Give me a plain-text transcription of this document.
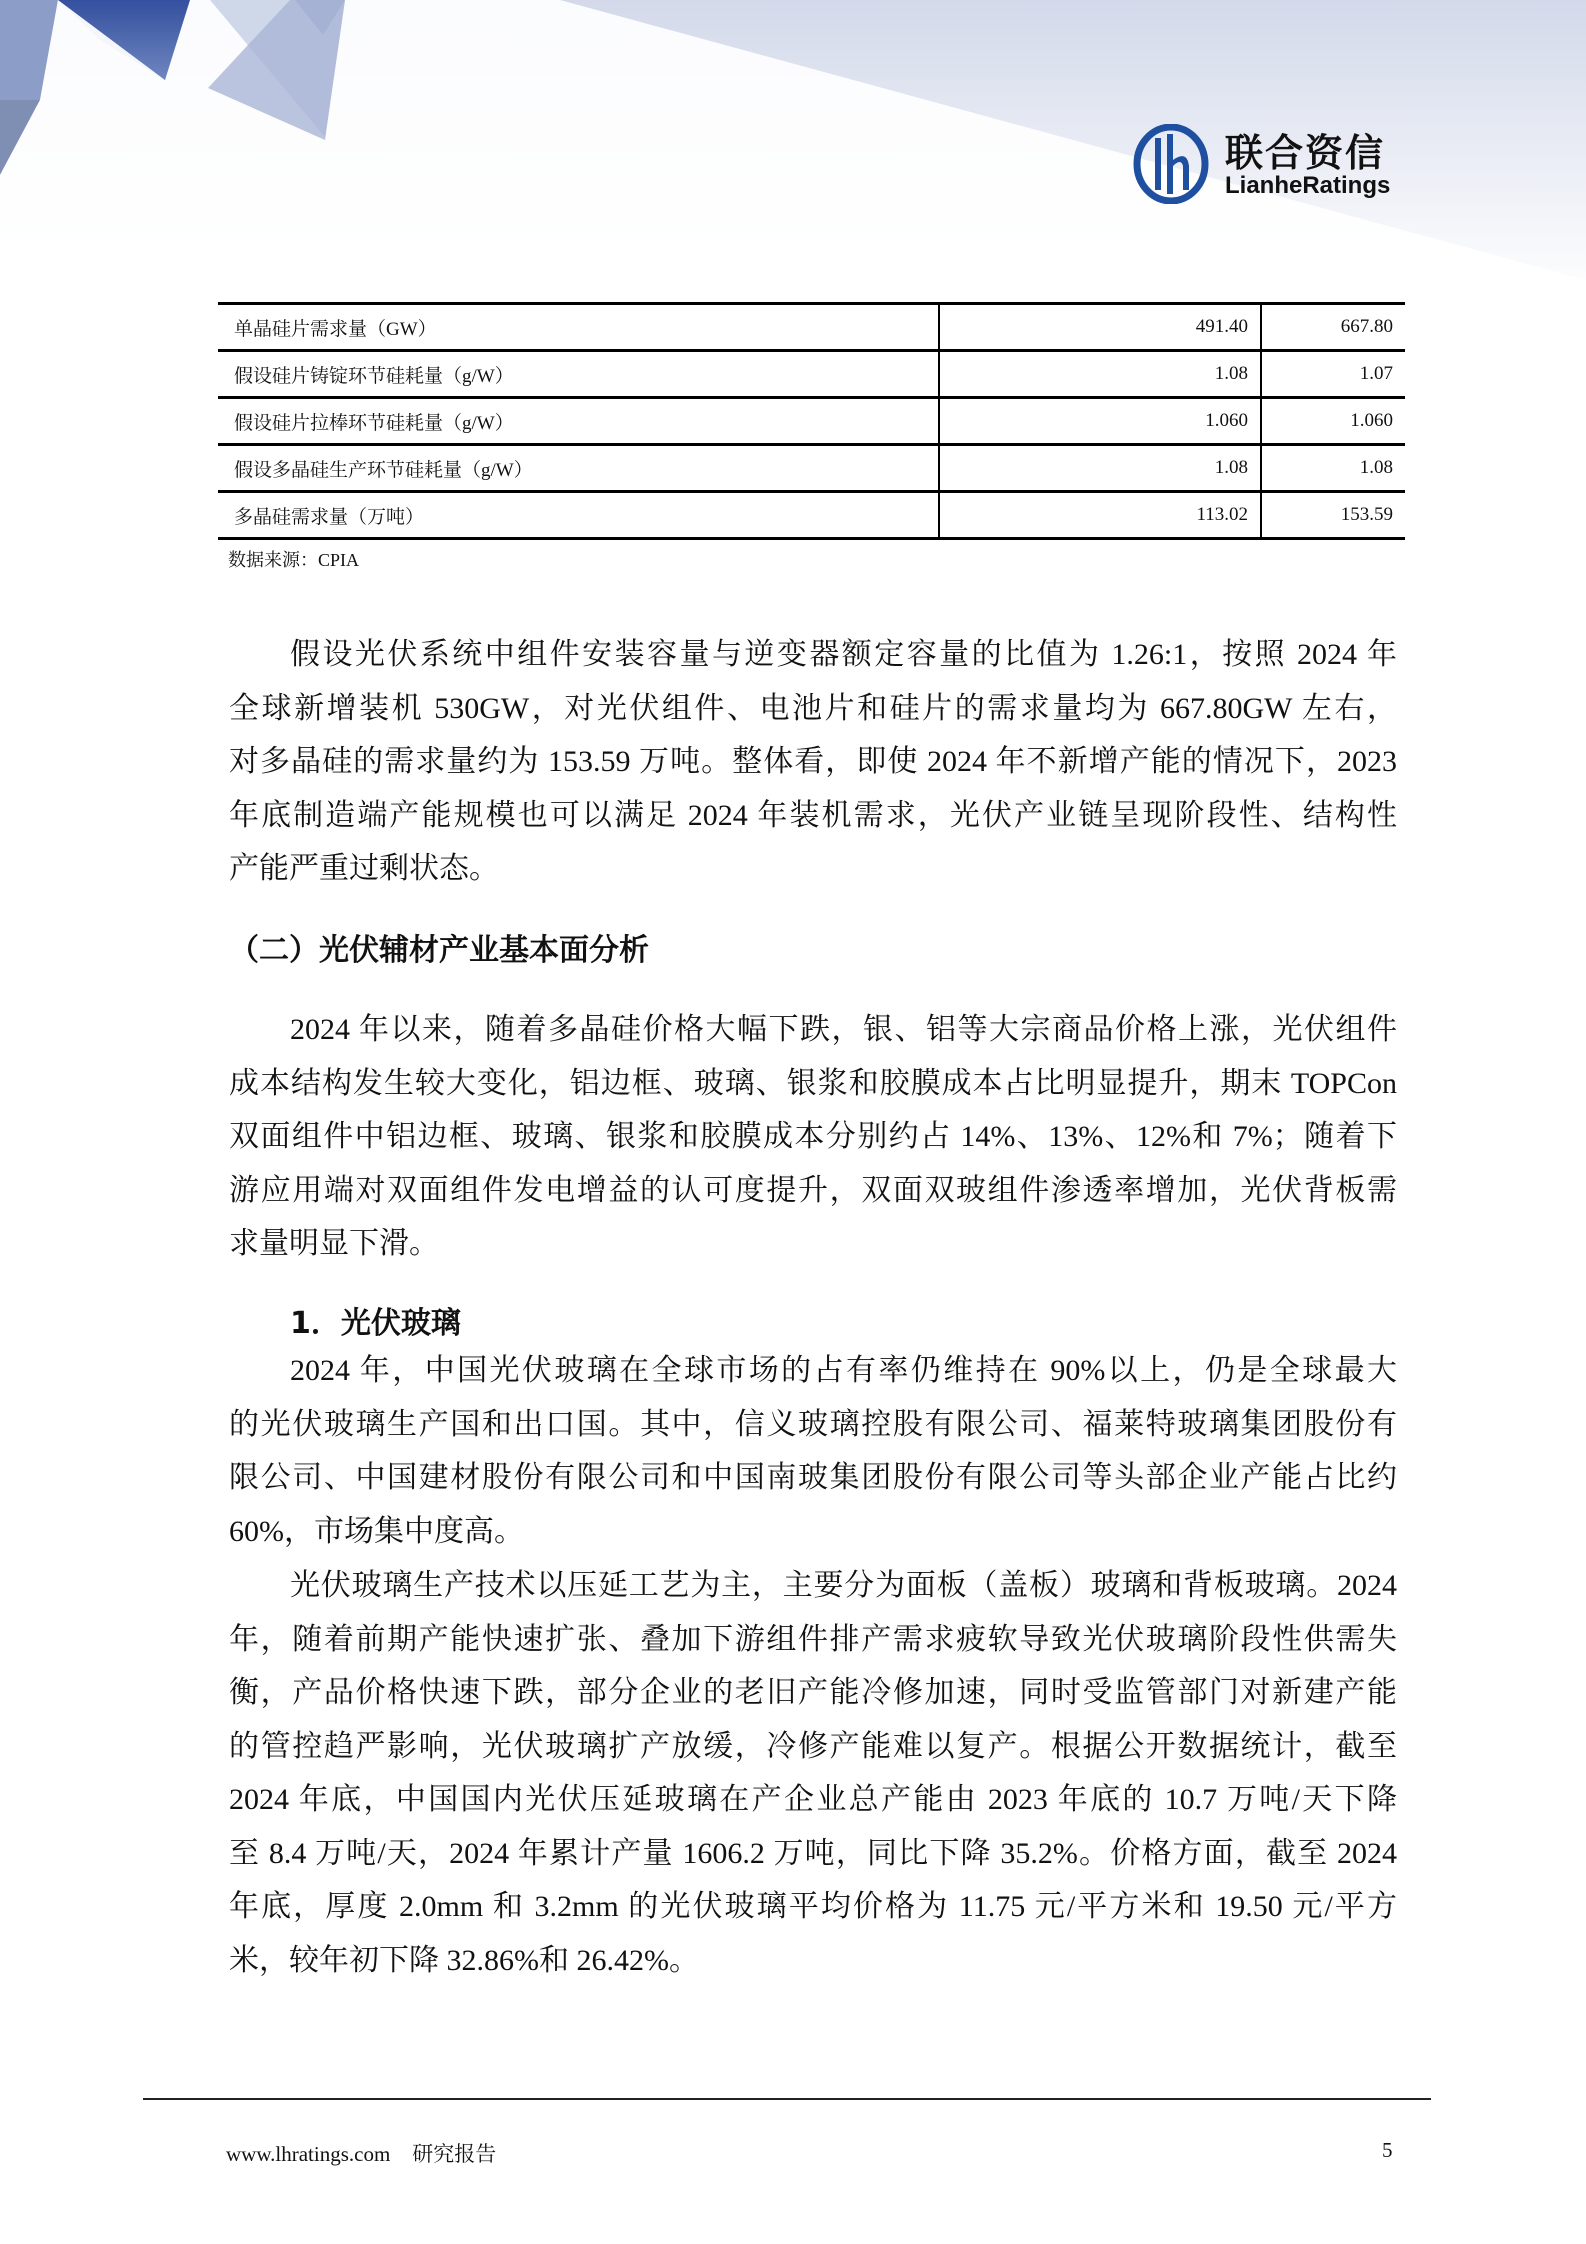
联合资信
LianheRatings
单晶硅片需求量（GW）	491.40	667.80
假设硅片铸锭环节硅耗量（g/W）	1.08	1.07
假设硅片拉棒环节硅耗量（g/W）	1.060	1.060
假设多晶硅生产环节硅耗量（g/W）	1.08	1.08
多晶硅需求量（万吨）	113.02	153.59
数据来源：CPIA
假设光伏系统中组件安装容量与逆变器额定容量的比值为 1.26:1，按照 2024 年
全球新增装机 530GW，对光伏组件、电池片和硅片的需求量均为 667.80GW 左右，
对多晶硅的需求量约为 153.59 万吨。整体看，即使 2024 年不新增产能的情况下，2023
年底制造端产能规模也可以满足 2024 年装机需求，光伏产业链呈现阶段性、结构性
产能严重过剩状态。
（二）光伏辅材产业基本面分析
2024 年以来，随着多晶硅价格大幅下跌，银、铝等大宗商品价格上涨，光伏组件
成本结构发生较大变化，铝边框、玻璃、银浆和胶膜成本占比明显提升，期末 TOPCon
双面组件中铝边框、玻璃、银浆和胶膜成本分别约占 14%、13%、12%和 7%；随着下
游应用端对双面组件发电增益的认可度提升，双面双玻组件渗透率增加，光伏背板需
求量明显下滑。
1．光伏玻璃
2024 年，中国光伏玻璃在全球市场的占有率仍维持在 90%以上，仍是全球最大
的光伏玻璃生产国和出口国。其中，信义玻璃控股有限公司、福莱特玻璃集团股份有
限公司、中国建材股份有限公司和中国南玻集团股份有限公司等头部企业产能占比约
60%，市场集中度高。
光伏玻璃生产技术以压延工艺为主，主要分为面板（盖板）玻璃和背板玻璃。2024
年，随着前期产能快速扩张、叠加下游组件排产需求疲软导致光伏玻璃阶段性供需失
衡，产品价格快速下跌，部分企业的老旧产能冷修加速，同时受监管部门对新建产能
的管控趋严影响，光伏玻璃扩产放缓，冷修产能难以复产。根据公开数据统计，截至
2024 年底，中国国内光伏压延玻璃在产企业总产能由 2023 年底的 10.7 万吨/天下降
至 8.4 万吨/天，2024 年累计产量 1606.2 万吨，同比下降 35.2%。价格方面，截至 2024
年底，厚度 2.0mm 和 3.2mm 的光伏玻璃平均价格为 11.75 元/平方米和 19.50 元/平方
米，较年初下降 32.86%和 26.42%。
www.lhratings.com 研究报告	5
